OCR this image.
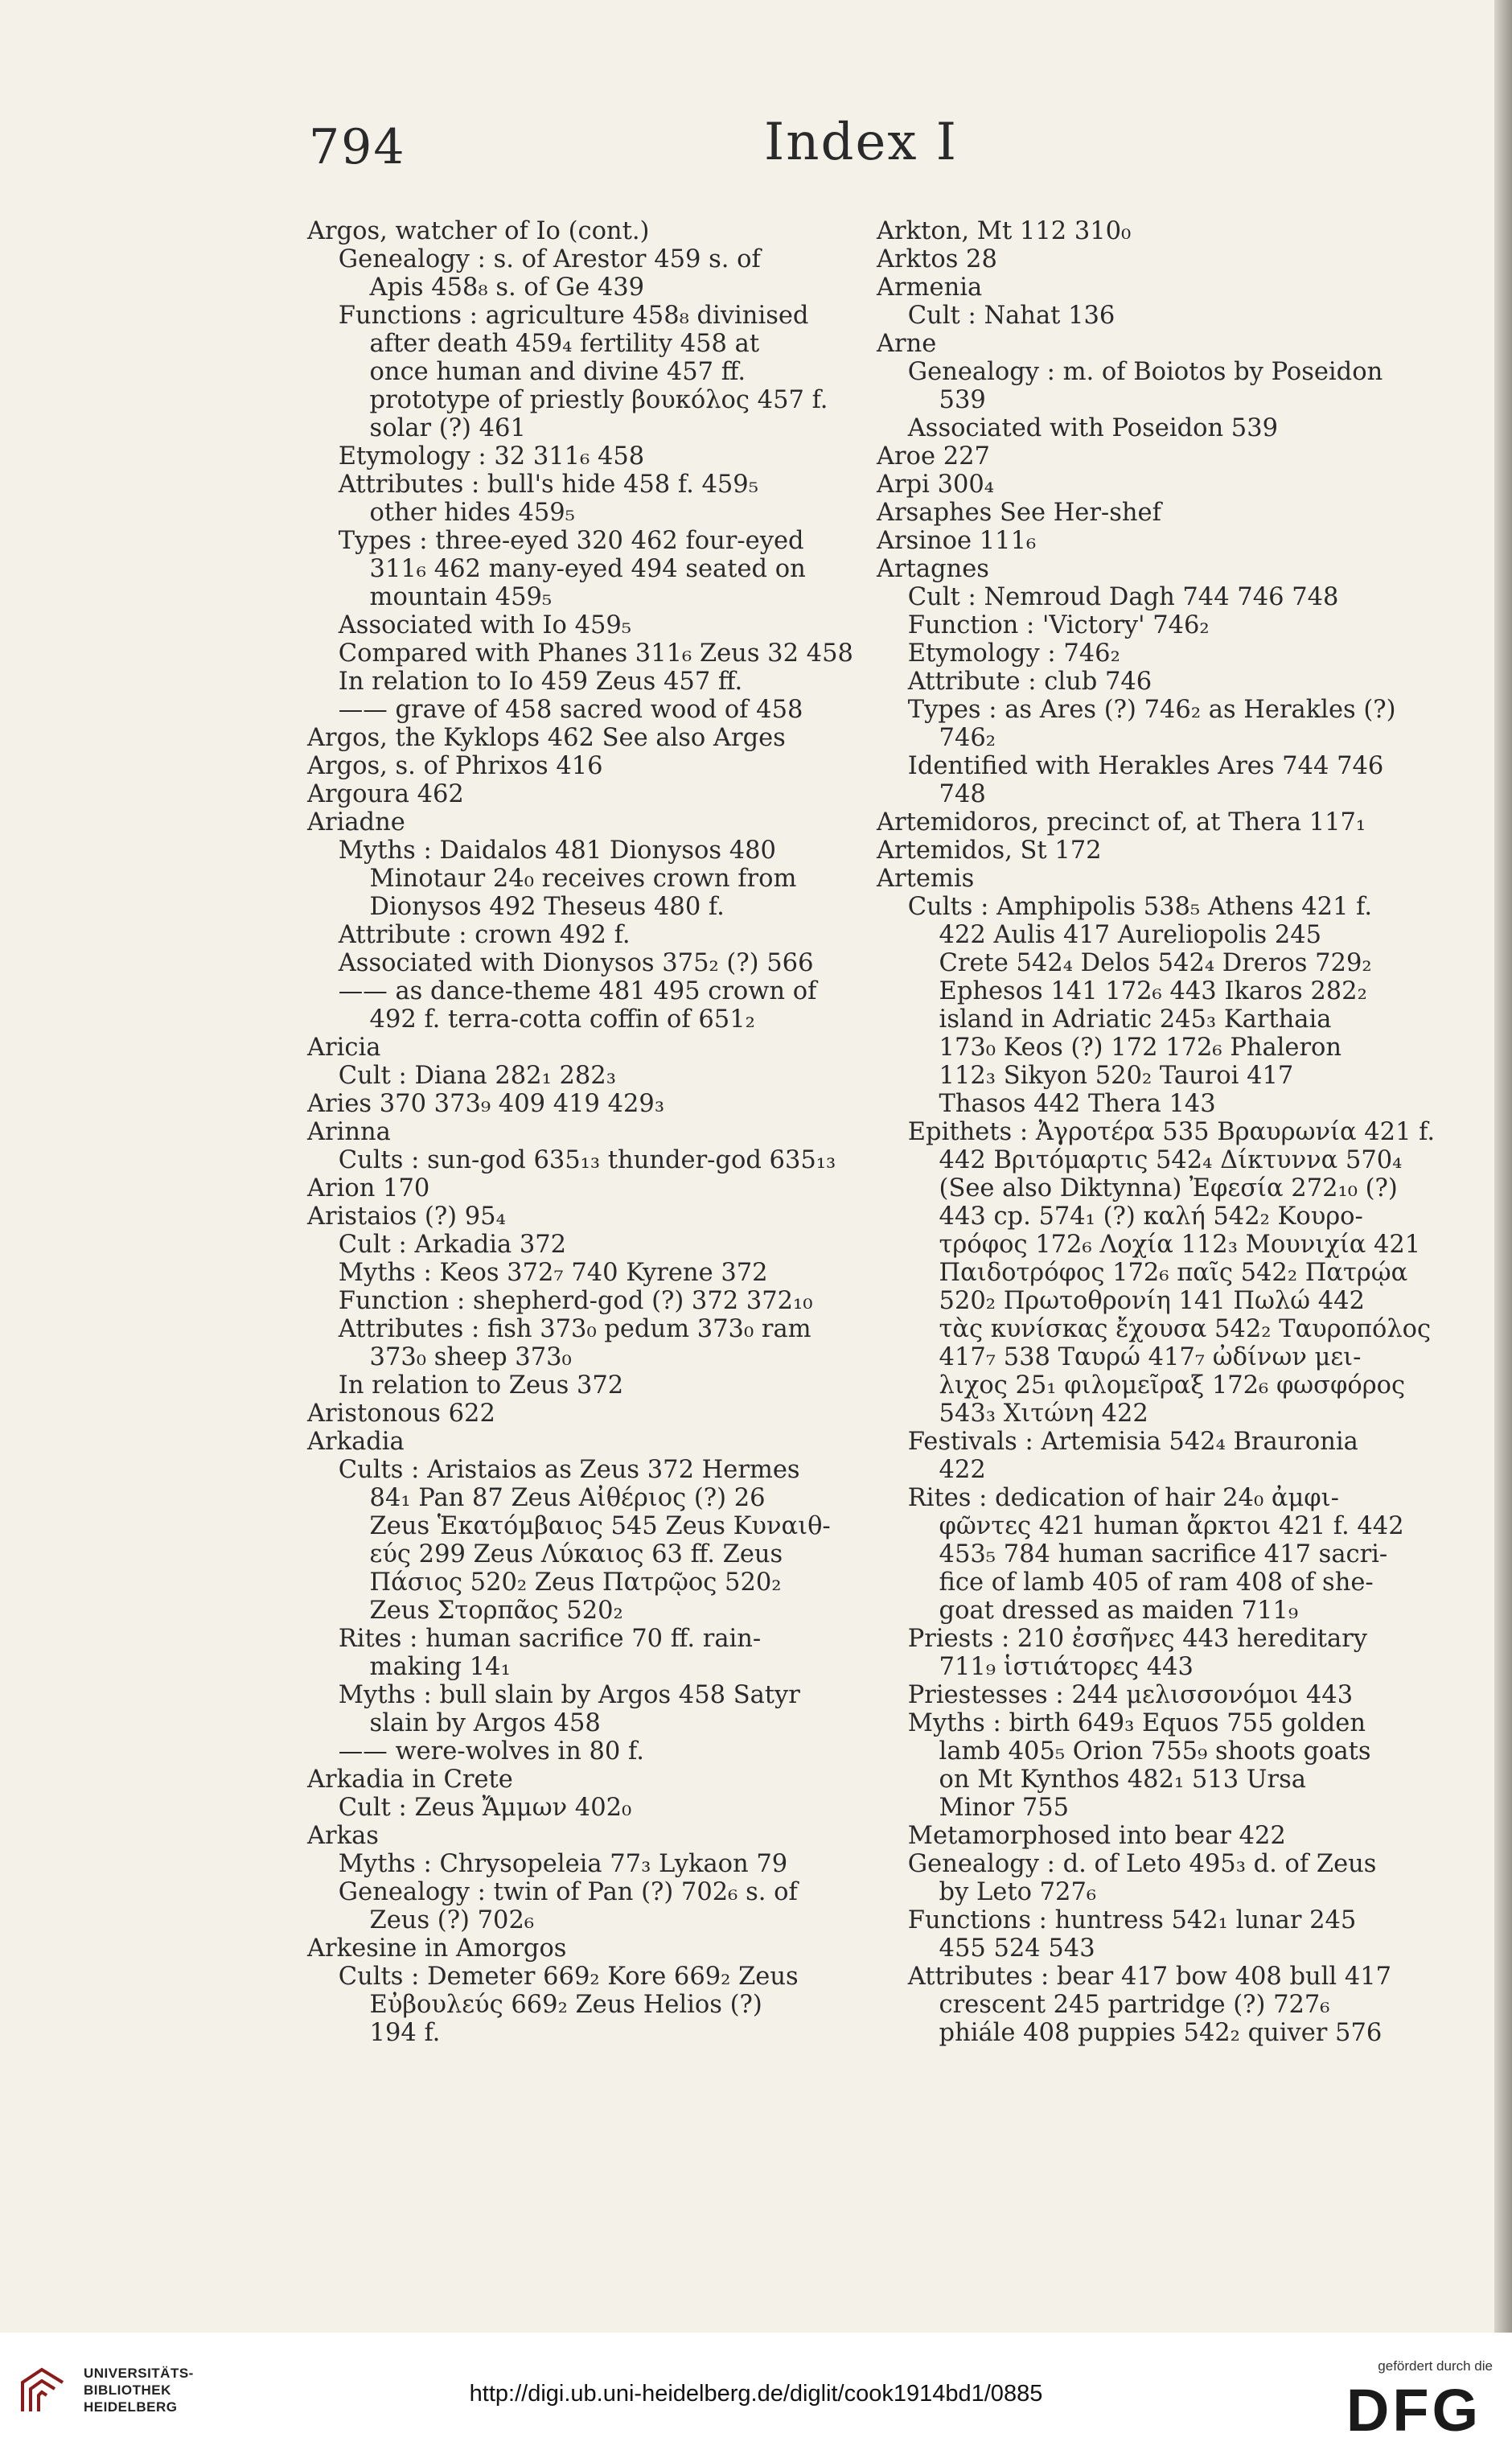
794	Index I
Argos, watcher of Io (cont.)
Genealogy : s. of Arestor 459 s. of
Apis 458₈ s. of Ge 439
Functions : agriculture 458₈ divinised
after death 459₄ fertility 458 at
once human and divine 457 ff.
prototype of priestly βουκόλος 457 f.
solar (?) 461
Etymology : 32 311₆ 458
Attributes : bull's hide 458 f. 459₅
other hides 459₅
Types : three-eyed 320 462 four-eyed
311₆ 462 many-eyed 494 seated on
mountain 459₅
Associated with Io 459₅
Compared with Phanes 311₆ Zeus 32 458
In relation to Io 459 Zeus 457 ff.
—— grave of 458 sacred wood of 458
Argos, the Kyklops 462 See also Arges
Argos, s. of Phrixos 416
Argoura 462
Ariadne
Myths : Daidalos 481 Dionysos 480
Minotaur 24₀ receives crown from
Dionysos 492 Theseus 480 f.
Attribute : crown 492 f.
Associated with Dionysos 375₂ (?) 566
—— as dance-theme 481 495 crown of
492 f. terra-cotta coffin of 651₂
Aricia
Cult : Diana 282₁ 282₃
Aries 370 373₉ 409 419 429₃
Arinna
Cults : sun-god 635₁₃ thunder-god 635₁₃
Arion 170
Aristaios (?) 95₄
Cult : Arkadia 372
Myths : Keos 372₇ 740 Kyrene 372
Function : shepherd-god (?) 372 372₁₀
Attributes : fish 373₀ pedum 373₀ ram
373₀ sheep 373₀
In relation to Zeus 372
Aristonous 622
Arkadia
Cults : Aristaios as Zeus 372 Hermes
84₁ Pan 87 Zeus Αἰθέριος (?) 26
Zeus Ἑκατόμβαιος 545 Zeus Κυναιθ-
εύς 299 Zeus Λύκαιος 63 ff. Zeus
Πάσιος 520₂ Zeus Πατρῷος 520₂
Zeus Στορπᾶος 520₂
Rites : human sacrifice 70 ff. rain-
making 14₁
Myths : bull slain by Argos 458 Satyr
slain by Argos 458
—— were-wolves in 80 f.
Arkadia in Crete
Cult : Zeus Ἄμμων 402₀
Arkas
Myths : Chrysopeleia 77₃ Lykaon 79
Genealogy : twin of Pan (?) 702₆ s. of
Zeus (?) 702₆
Arkesine in Amorgos
Cults : Demeter 669₂ Kore 669₂ Zeus
Εὐβουλεύς 669₂ Zeus Helios (?)
194 f.
Arkton, Mt 112 310₀
Arktos 28
Armenia
Cult : Nahat 136
Arne
Genealogy : m. of Boiotos by Poseidon
539
Associated with Poseidon 539
Aroe 227
Arpi 300₄
Arsaphes See Her-shef
Arsinoe 111₆
Artagnes
Cult : Nemroud Dagh 744 746 748
Function : 'Victory' 746₂
Etymology : 746₂
Attribute : club 746
Types : as Ares (?) 746₂ as Herakles (?)
746₂
Identified with Herakles Ares 744 746
748
Artemidoros, precinct of, at Thera 117₁
Artemidos, St 172
Artemis
Cults : Amphipolis 538₅ Athens 421 f.
422 Aulis 417 Aureliopolis 245
Crete 542₄ Delos 542₄ Dreros 729₂
Ephesos 141 172₆ 443 Ikaros 282₂
island in Adriatic 245₃ Karthaia
173₀ Keos (?) 172 172₆ Phaleron
112₃ Sikyon 520₂ Tauroi 417
Thasos 442 Thera 143
Epithets : Ἀγροτέρα 535 Βραυρωνία 421 f.
442 Βριτόμαρτις 542₄ Δίκτυννα 570₄
(See also Diktynna) Ἐφεσία 272₁₀ (?)
443 cp. 574₁ (?) καλή 542₂ Κουρο-
τρόφος 172₆ Λοχία 112₃ Μουνιχία 421
Παιδοτρόφος 172₆ παῖς 542₂ Πατρῴα
520₂ Πρωτοθρονίη 141 Πωλώ 442
τὰς κυνίσκας ἔχουσα 542₂ Ταυροπόλος
417₇ 538 Ταυρώ 417₇ ὠδίνων μει-
λιχος 25₁ φιλομεῖραξ 172₆ φωσφόρος
543₃ Χιτώνη 422
Festivals : Artemisia 542₄ Brauronia
422
Rites : dedication of hair 24₀ ἀμφι-
φῶντες 421 human ἄρκτοι 421 f. 442
453₅ 784 human sacrifice 417 sacri-
fice of lamb 405 of ram 408 of she-
goat dressed as maiden 711₉
Priests : 210 ἐσσῆνες 443 hereditary
711₉ ἱστιάτορες 443
Priestesses : 244 μελισσονόμοι 443
Myths : birth 649₃ Equos 755 golden
lamb 405₅ Orion 755₉ shoots goats
on Mt Kynthos 482₁ 513 Ursa
Minor 755
Metamorphosed into bear 422
Genealogy : d. of Leto 495₃ d. of Zeus
by Leto 727₆
Functions : huntress 542₁ lunar 245
455 524 543
Attributes : bear 417 bow 408 bull 417
crescent 245 partridge (?) 727₆
phiále 408 puppies 542₂ quiver 576
UNIVERSITÄTS-
BIBLIOTHEK
HEIDELBERG
http://digi.ub.uni-heidelberg.de/diglit/cook1914bd1/0885
gefördert durch die
DFG
